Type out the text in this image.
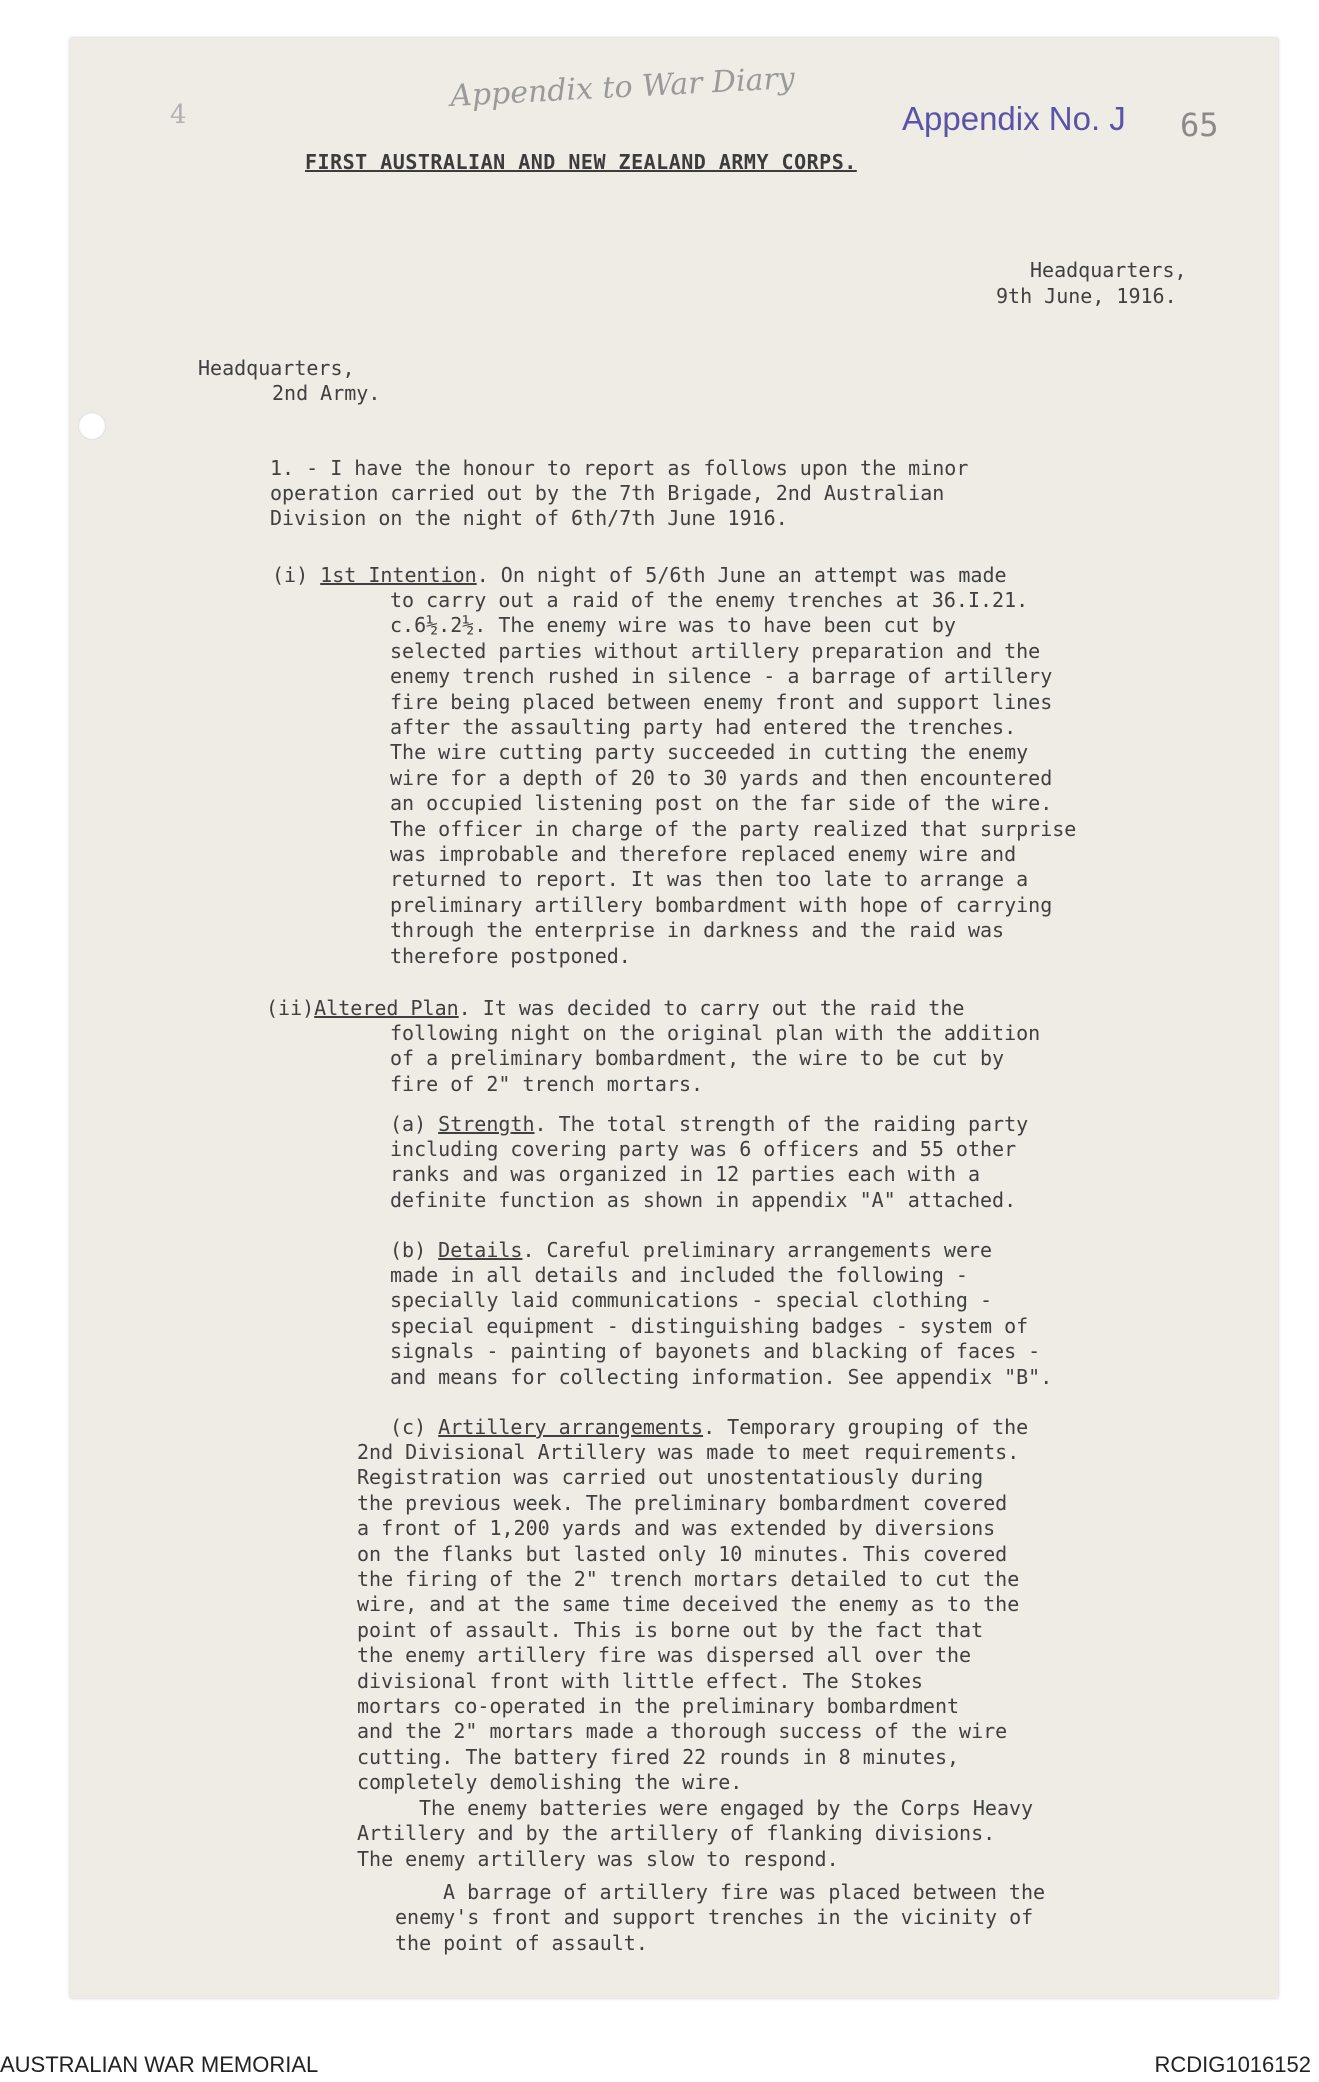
4
Appendix to War Diary
Appendix No. J 65
FIRST AUSTRALIAN AND NEW ZEALAND ARMY CORPS.
Headquarters,
9th June, 1916.
Headquarters,
2nd Army.
1. - I have the honour to report as follows upon the minor
operation carried out by the 7th Brigade, 2nd Australian
Division on the night of 6th/7th June 1916.
(i) 1st Intention. On night of 5/6th June an attempt was made
to carry out a raid of the enemy trenches at 36.I.21.
c.6½.2½. The enemy wire was to have been cut by
selected parties without artillery preparation and the
enemy trench rushed in silence - a barrage of artillery
fire being placed between enemy front and support lines
after the assaulting party had entered the trenches.
The wire cutting party succeeded in cutting the enemy
wire for a depth of 20 to 30 yards and then encountered
an occupied listening post on the far side of the wire.
The officer in charge of the party realized that surprise
was improbable and therefore replaced enemy wire and
returned to report. It was then too late to arrange a
preliminary artillery bombardment with hope of carrying
through the enterprise in darkness and the raid was
therefore postponed.
(ii)Altered Plan. It was decided to carry out the raid the
following night on the original plan with the addition
of a preliminary bombardment, the wire to be cut by
fire of 2" trench mortars.
(a) Strength. The total strength of the raiding party
including covering party was 6 officers and 55 other
ranks and was organized in 12 parties each with a
definite function as shown in appendix "A" attached.
(b) Details. Careful preliminary arrangements were
made in all details and included the following -
specially laid communications - special clothing -
special equipment - distinguishing badges - system of
signals - painting of bayonets and blacking of faces -
and means for collecting information. See appendix "B".
(c) Artillery arrangements. Temporary grouping of the
2nd Divisional Artillery was made to meet requirements.
Registration was carried out unostentatiously during
the previous week. The preliminary bombardment covered
a front of 1,200 yards and was extended by diversions
on the flanks but lasted only 10 minutes. This covered
the firing of the 2" trench mortars detailed to cut the
wire, and at the same time deceived the enemy as to the
point of assault. This is borne out by the fact that
the enemy artillery fire was dispersed all over the
divisional front with little effect. The Stokes
mortars co-operated in the preliminary bombardment
and the 2" mortars made a thorough success of the wire
cutting. The battery fired 22 rounds in 8 minutes,
completely demolishing the wire.
The enemy batteries were engaged by the Corps Heavy
Artillery and by the artillery of flanking divisions.
The enemy artillery was slow to respond.
A barrage of artillery fire was placed between the
enemy's front and support trenches in the vicinity of
the point of assault.
AUSTRALIAN WAR MEMORIAL	RCDIG1016152
